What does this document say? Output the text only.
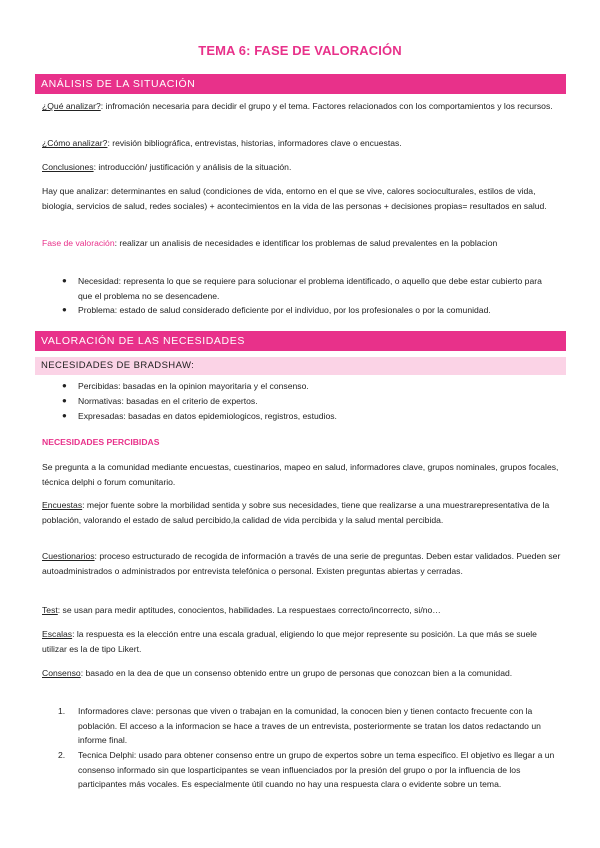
TEMA 6: FASE DE VALORACIÓN
ANÁLISIS DE LA SITUACIÓN
¿Qué analizar?: infromación necesaria para decidir el grupo y el tema. Factores relacionados con los comportamientos y los recursos.
¿Cómo analizar?: revisión bibliográfica, entrevistas, historias, informadores clave o encuestas.
Conclusiones: introducción/ justificación y análisis de la situación.
Hay que analizar: determinantes en salud (condiciones de vida, entorno en el que se vive, calores socioculturales, estilos de vida, biologia, servicios de salud, redes sociales) + acontecimientos en la vida de las personas + decisiones propias= resultados en salud.
Fase de valoración: realizar un analisis de necesidades e identificar los problemas de salud prevalentes en la poblacion
● Necesidad: representa lo que se requiere para solucionar el problema identificado, o aquello que debe estar cubierto para que el problema no se desencadene.
● Problema: estado de salud considerado deficiente por el individuo, por los profesionales o por la comunidad.
VALORACIÓN DE LAS NECESIDADES
NECESIDADES DE BRADSHAW:
● Percibidas: basadas en la opinion mayoritaria y el consenso.
● Normativas: basadas en el criterio de expertos.
● Expresadas: basadas en datos epidemiologicos, registros, estudios.
NECESIDADES PERCIBIDAS
Se pregunta a la comunidad mediante encuestas, cuestinarios, mapeo en salud, informadores clave, grupos nominales, grupos focales, técnica delphi o forum comunitario.
Encuestas: mejor fuente sobre la morbilidad sentida y sobre sus necesidades, tiene que realizarse a una muestrarepresentativa de la población, valorando el estado de salud percibido,la calidad de vida percibida y la salud mental percibida.
Cuestionarios: proceso estructurado de recogida de información a través de una serie de preguntas. Deben estar validados. Pueden ser autoadministrados o administrados por entrevista telefónica o personal. Existen preguntas abiertas y cerradas.
Test: se usan para medir aptitudes, conocientos, habilidades. La respuestaes correcto/incorrecto, si/no…
Escalas: la respuesta es la elección entre una escala gradual, eligiendo lo que mejor represente su posición. La que más se suele utilizar es la de tipo Likert.
Consenso: basado en la dea de que un consenso obtenido entre un grupo de personas que conozcan bien a la comunidad.
1. Informadores clave: personas que viven o trabajan en la comunidad, la conocen bien y tienen contacto frecuente con la población. El acceso a la informacion se hace a traves de un entrevista, posteriormente se tratan los datos redactando un informe final.
2. Tecnica Delphi: usado para obtener consenso entre un grupo de expertos sobre un tema especifico. El objetivo es llegar a un consenso informado sin que losparticipantes se vean influenciados por la presión del grupo o por la influencia de los participantes más vocales. Es especialmente útil cuando no hay una respuesta clara o evidente sobre un tema.
